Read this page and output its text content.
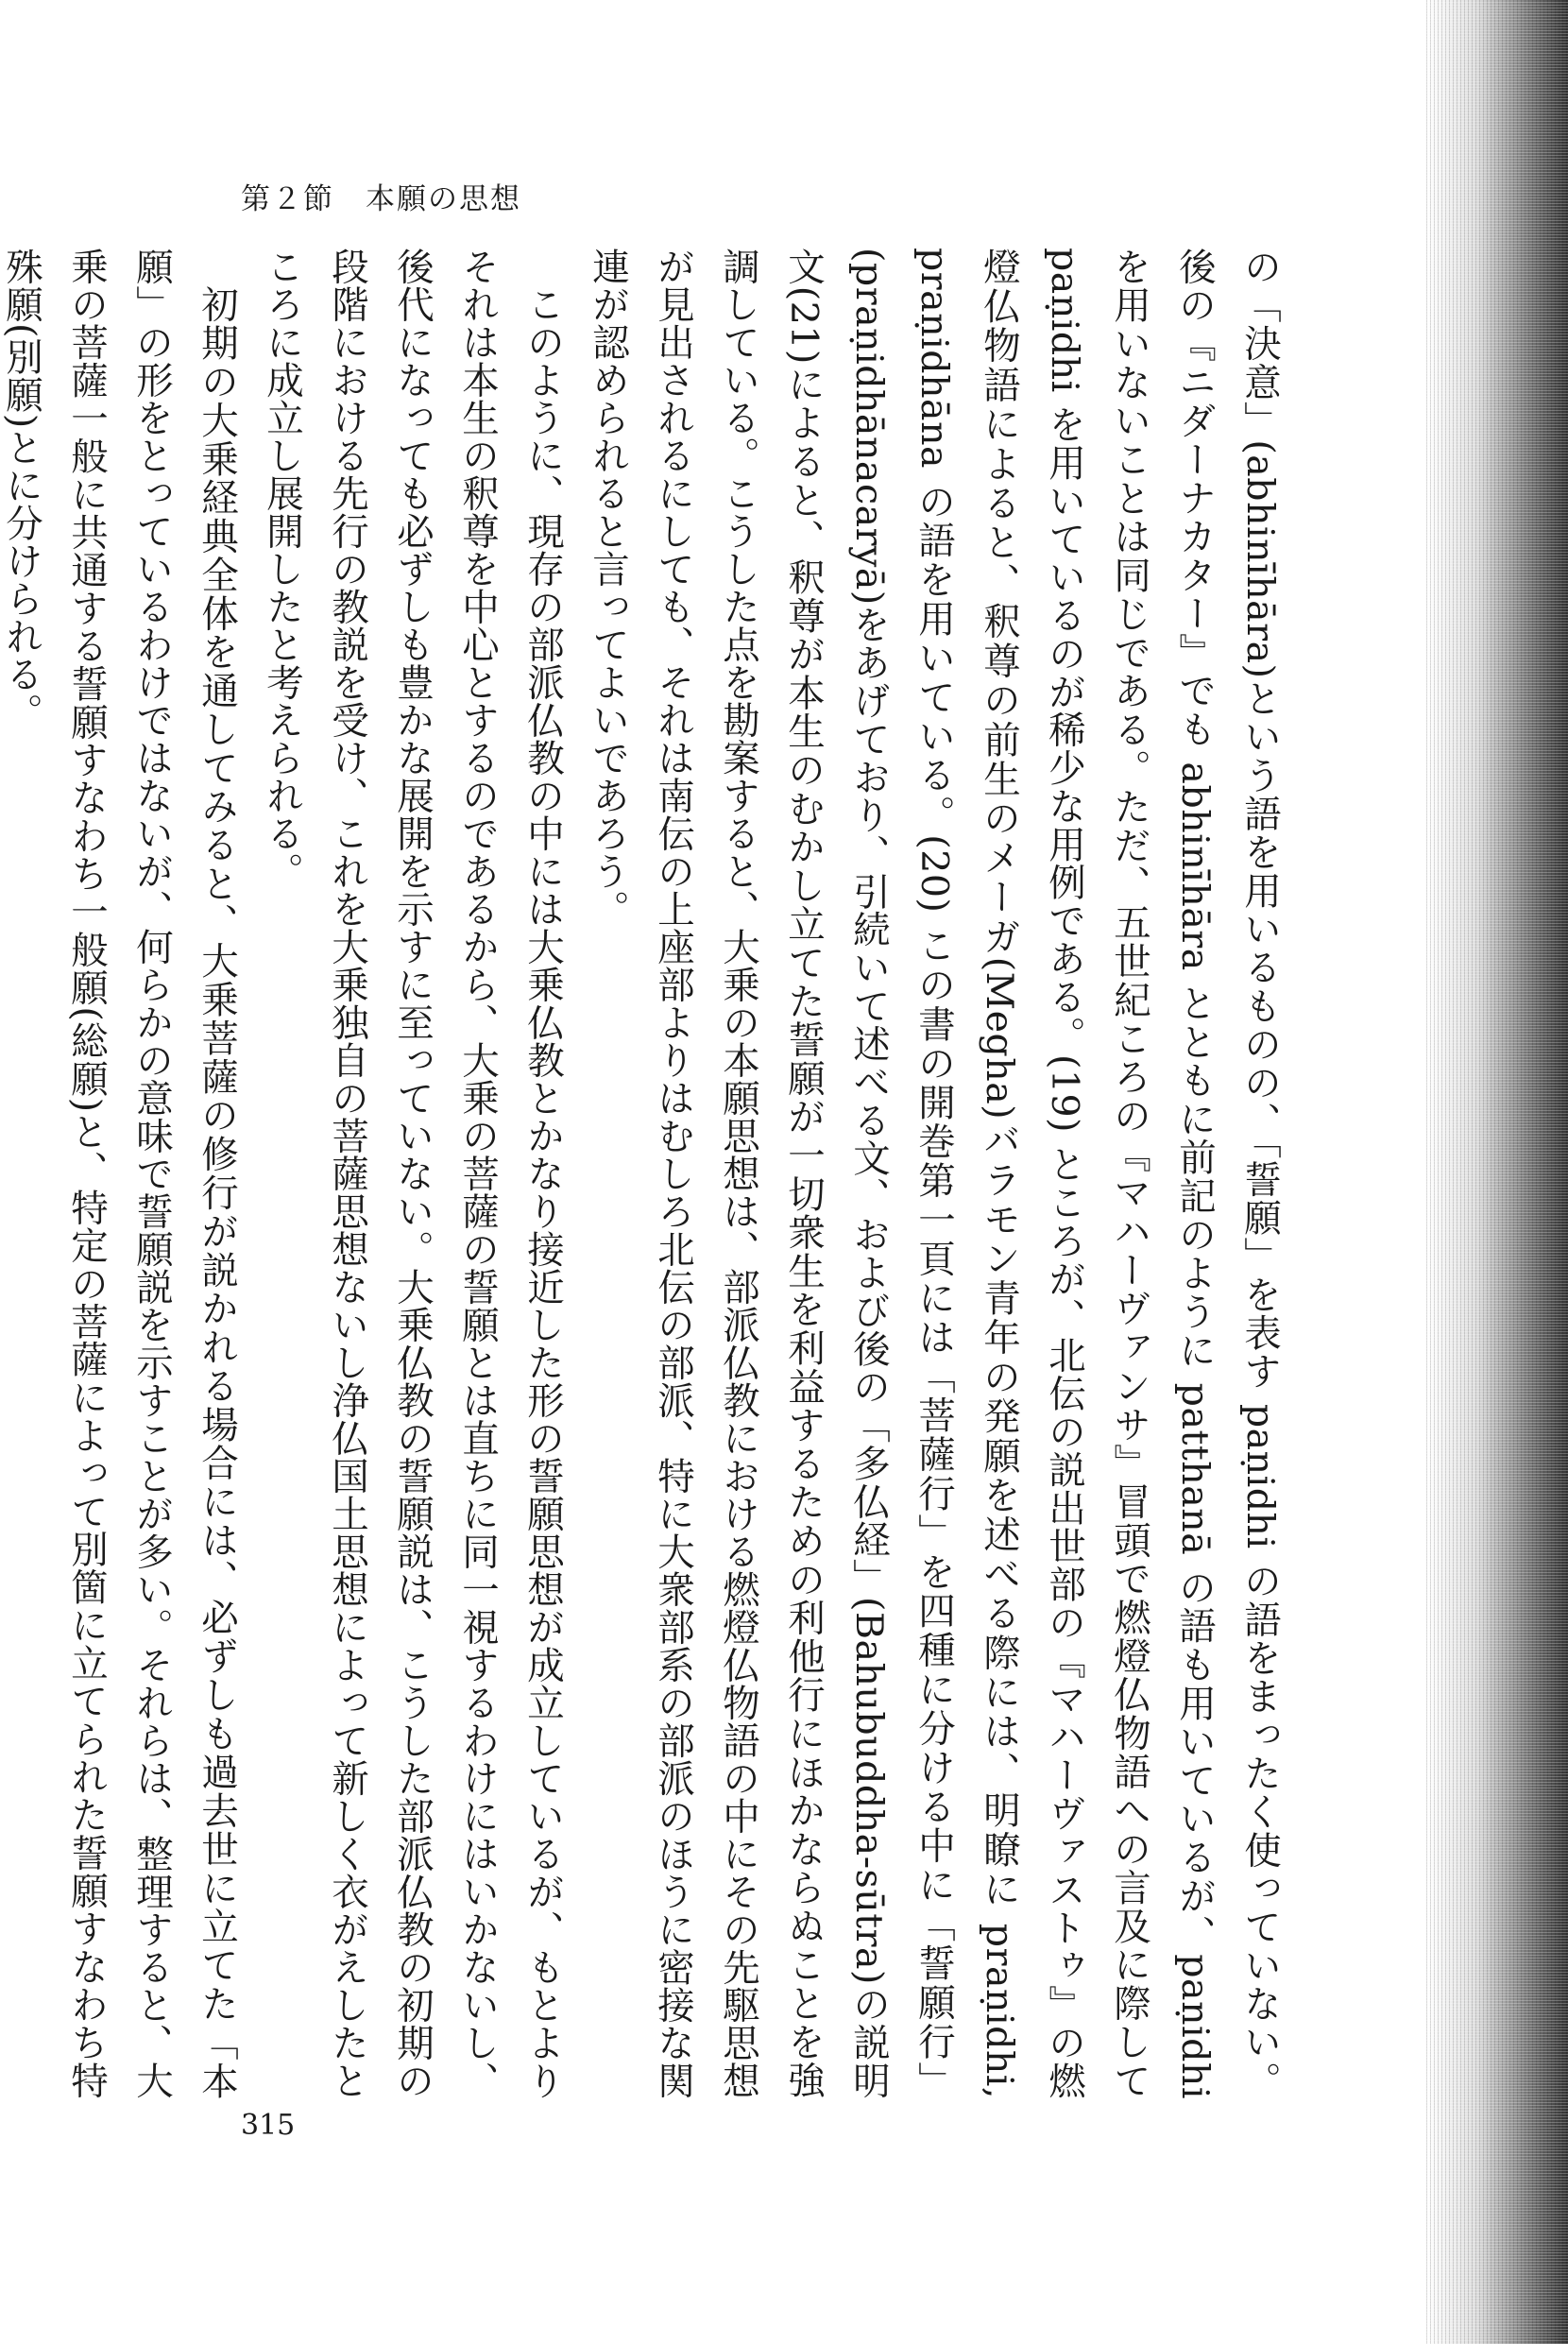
第２節　本願の思想

の「決意」(abhinīhāra)という語を用いるものの、「誓願」を表す paṇidhi の語をまったく使っていない。後の『ニダーナカター』でも abhinīhāra とともに前記のように patthanā の語も用いているが、paṇidhi を用いないことは同じである。ただ、五世紀ころの『マハーヴァンサ』冒頭で燃燈仏物語への言及に際して paṇidhi を用いているのが稀少な用例である。(19) ところが、北伝の説出世部の『マハーヴァストゥ』の燃燈仏物語によると、釈尊の前生のメーガ(Megha)バラモン青年の発願を述べる際には、明瞭に praṇidhi, praṇidhāna の語を用いている。(20) この書の開巻第一頁には「菩薩行」を四種に分ける中に「誓願行」(praṇidhānacaryā)をあげており、引続いて述べる文、および後の「多仏経」(Bahubuddha-sūtra)の説明文(21)によると、釈尊が本生のむかし立てた誓願が一切衆生を利益するための利他行にほかならぬことを強調している。こうした点を勘案すると、大乗の本願思想は、部派仏教における燃燈仏物語の中にその先駆思想が見出されるにしても、それは南伝の上座部よりはむしろ北伝の部派、特に大衆部系の部派のほうに密接な関連が認められると言ってよいであろう。

このように、現存の部派仏教の中には大乗仏教とかなり接近した形の誓願思想が成立しているが、もとよりそれは本生の釈尊を中心とするのであるから、大乗の菩薩の誓願とは直ちに同一視するわけにはいかないし、後代になっても必ずしも豊かな展開を示すに至っていない。大乗仏教の誓願説は、こうした部派仏教の初期の段階における先行の教説を受け、これを大乗独自の菩薩思想ないし浄仏国土思想によって新しく衣がえしたところに成立し展開したと考えられる。

初期の大乗経典全体を通してみると、大乗菩薩の修行が説かれる場合には、必ずしも過去世に立てた「本願」の形をとっているわけではないが、何らかの意味で誓願説を示すことが多い。それらは、整理すると、大乗の菩薩一般に共通する誓願すなわち一般願(総願)と、特定の菩薩によって別箇に立てられた誓願すなわち特殊願(別願)とに分けられる。

315
